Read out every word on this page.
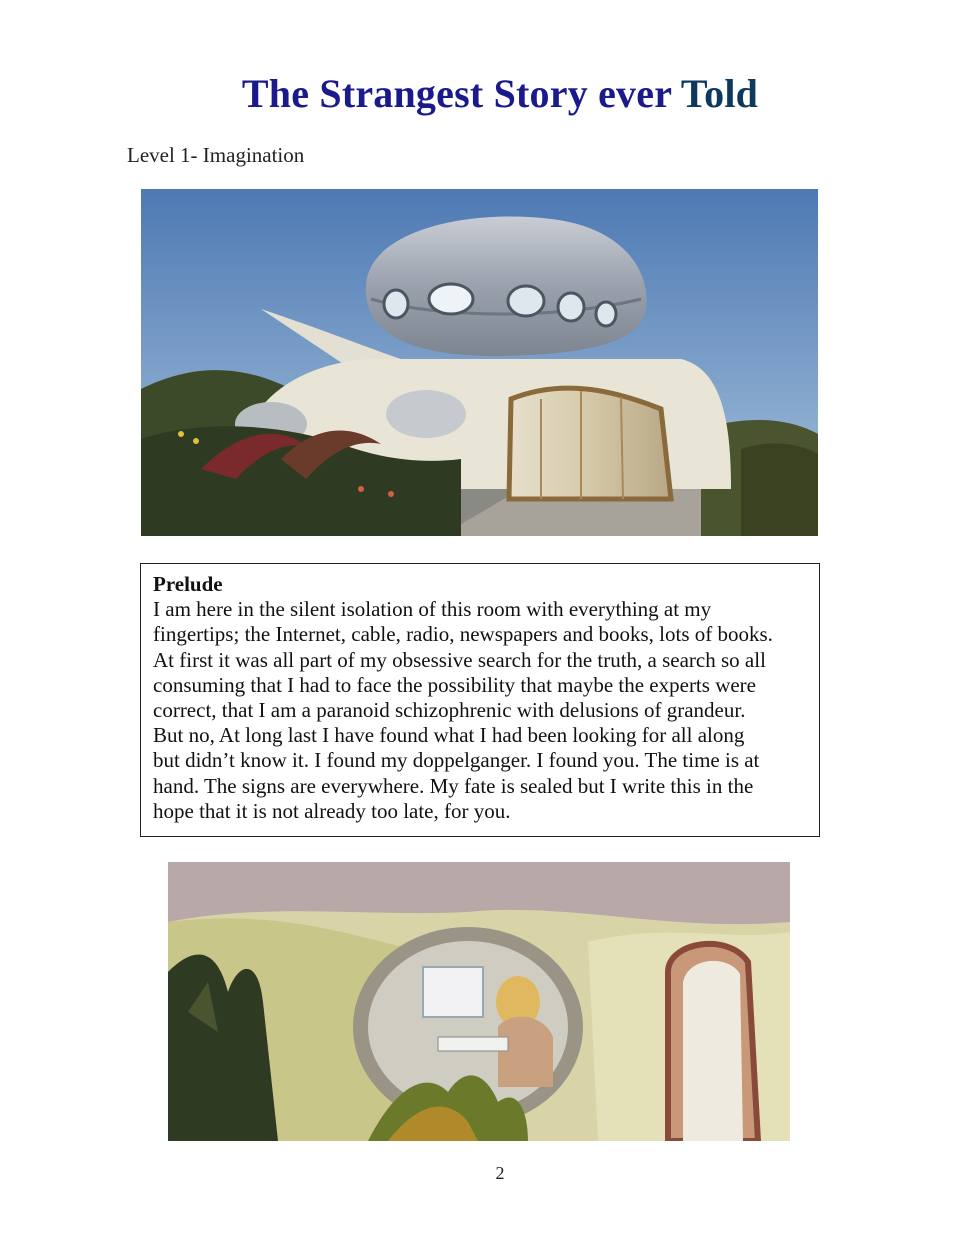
The Strangest Story ever Told
Level 1- Imagination
Prelude
I am here in the silent isolation of this room with everything at my
fingertips; the Internet, cable, radio, newspapers and books, lots of books.
At first it was all part of my obsessive search for the truth, a search so all
consuming that I had to face the possibility that maybe the experts were
correct, that I am a paranoid schizophrenic with delusions of grandeur.
But no, At long last I have found what I had been looking for all along
but didn’t know it. I found my doppelganger. I found you. The time is at
hand. The signs are everywhere. My fate is sealed but I write this in the
hope that it is not already too late, for you.
2
